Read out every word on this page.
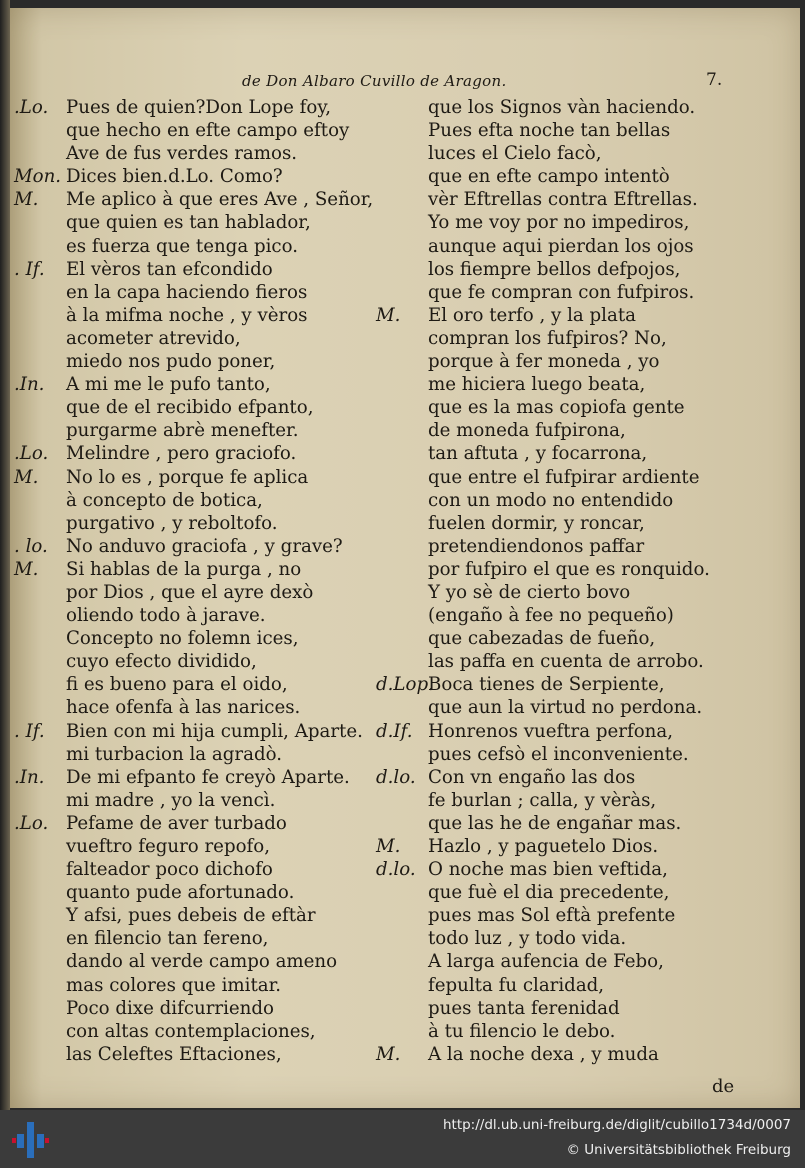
de Don Albaro Cuvillo de Aragon.	7.
.Lo. Pues de quien?Don Lope foy,
que hecho en efte campo eftoy
Ave de fus verdes ramos.
Mon. Dices bien.d.Lo. Como?
M. Me aplico à que eres Ave , Señor,
que quien es tan hablador,
es fuerza que tenga pico.
. If. El vèros tan efcondido
en la capa haciendo fieros
à la mifma noche , y vèros
acometer atrevido,
miedo nos pudo poner,
.In. A mi me le pufo tanto,
que de el recibido efpanto,
purgarme abrè menefter.
.Lo. Melindre , pero graciofo.
M. No lo es , porque fe aplica
à concepto de botica,
purgativo , y reboltofo.
. lo. No anduvo graciofa , y grave?
M. Si hablas de la purga , no
por Dios , que el ayre dexò
oliendo todo à jarave.
Concepto no folemn ices,
cuyo efecto dividido,
fi es bueno para el oido,
hace ofenfa à las narices.
. If. Bien con mi hija cumpli, Aparte.
mi turbacion la agradò.
.In. De mi efpanto fe creyò Aparte.
mi madre , yo la vencì.
.Lo. Pefame de aver turbado
vueftro feguro repofo,
falteador poco dichofo
quanto pude afortunado.
Y afsi, pues debeis de eftàr
en filencio tan fereno,
dando al verde campo ameno
mas colores que imitar.
Poco dixe difcurriendo
con altas contemplaciones,
las Celeftes Eftaciones,
que los Signos vàn haciendo.
Pues efta noche tan bellas
luces el Cielo facò,
que en efte campo intentò
vèr Eftrellas contra Eftrellas.
Yo me voy por no impediros,
aunque aqui pierdan los ojos
los fiempre bellos defpojos,
que fe compran con fufpiros.
M. El oro terfo , y la plata
compran los fufpiros? No,
porque à fer moneda , yo
me hiciera luego beata,
que es la mas copiofa gente
de moneda fufpirona,
tan aftuta , y focarrona,
que entre el fufpirar ardiente
con un modo no entendido
fuelen dormir, y roncar,
pretendiendonos paffar
por fufpiro el que es ronquido.
Y yo sè de cierto bovo
(engaño à fee no pequeño)
que cabezadas de fueño,
las paffa en cuenta de arrobo.
d.Lop.Boca tienes de Serpiente,
que aun la virtud no perdona.
d.If. Honrenos vueftra perfona,
pues cefsò el inconveniente.
d.lo. Con vn engaño las dos
fe burlan ; calla, y vèràs,
que las he de engañar mas.
M. Hazlo , y paguetelo Dios.
d.lo. O noche mas bien veftida,
que fuè el dia precedente,
pues mas Sol eftà prefente
todo luz , y todo vida.
A larga aufencia de Febo,
fepulta fu claridad,
pues tanta ferenidad
à tu filencio le debo.
M. A la noche dexa , y muda
de
http://dl.ub.uni-freiburg.de/diglit/cubillo1734d/0007
© Universitätsbibliothek Freiburg
